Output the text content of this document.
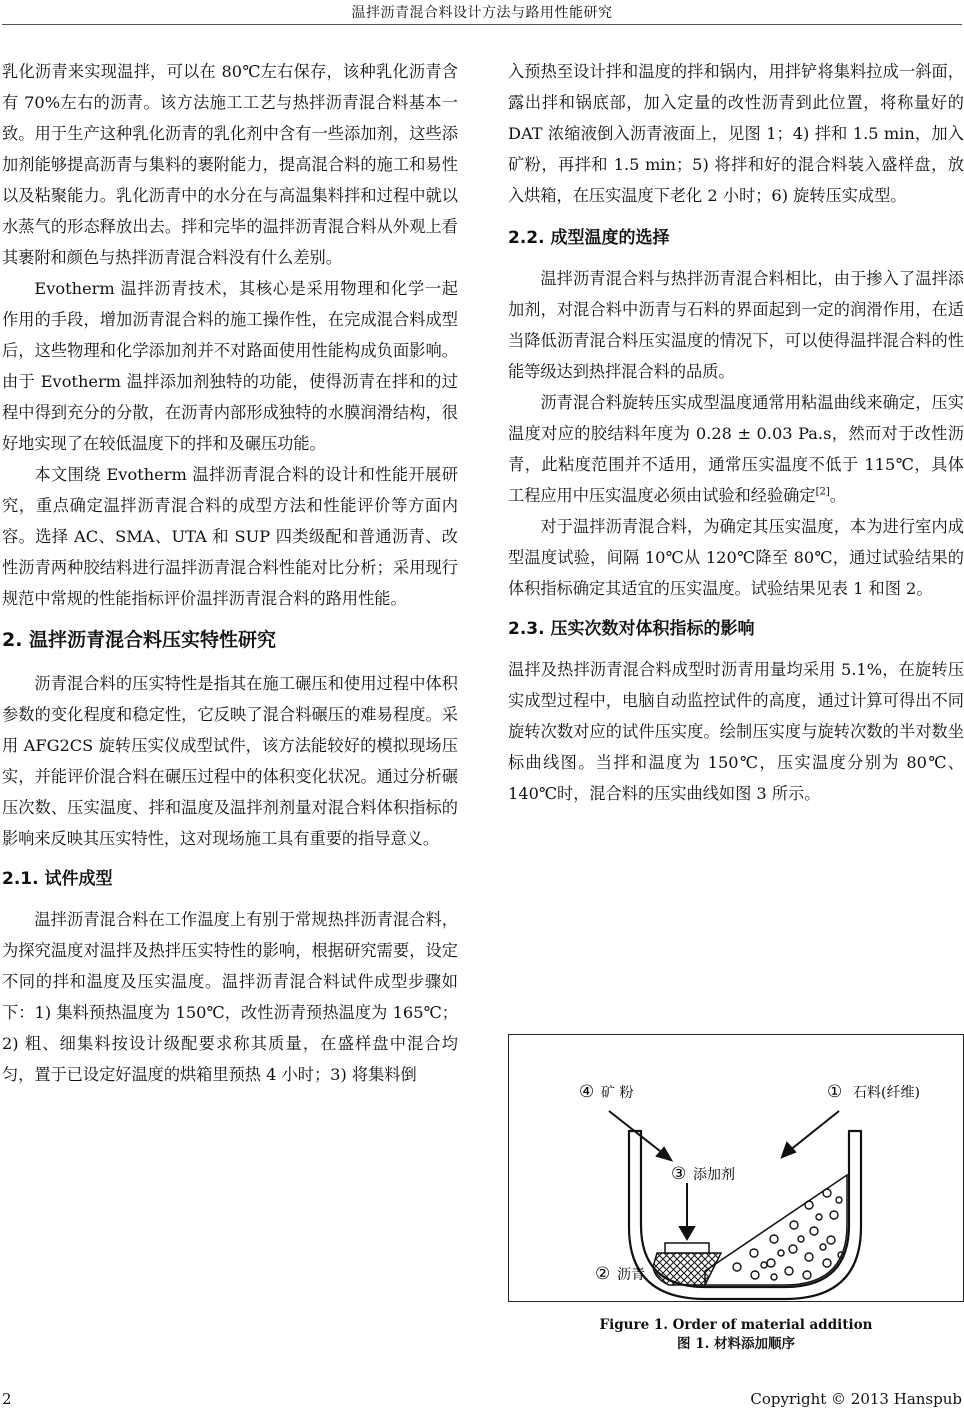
温拌沥青混合料设计方法与路用性能研究

乳化沥青来实现温拌，可以在 80℃左右保存，该种乳化沥青含有 70%左右的沥青。该方法施工工艺与热拌沥青混合料基本一致。用于生产这种乳化沥青的乳化剂中含有一些添加剂，这些添加剂能够提高沥青与集料的裹附能力，提高混合料的施工和易性以及粘聚能力。乳化沥青中的水分在与高温集料拌和过程中就以水蒸气的形态释放出去。拌和完毕的温拌沥青混合料从外观上看其裹附和颜色与热拌沥青混合料没有什么差别。

Evotherm 温拌沥青技术，其核心是采用物理和化学一起作用的手段，增加沥青混合料的施工操作性，在完成混合料成型后，这些物理和化学添加剂并不对路面使用性能构成负面影响。由于 Evotherm 温拌添加剂独特的功能，使得沥青在拌和的过程中得到充分的分散，在沥青内部形成独特的水膜润滑结构，很好地实现了在较低温度下的拌和及碾压功能。

本文围绕 Evotherm 温拌沥青混合料的设计和性能开展研究，重点确定温拌沥青混合料的成型方法和性能评价等方面内容。选择 AC、SMA、UTA 和 SUP 四类级配和普通沥青、改性沥青两种胶结料进行温拌沥青混合料性能对比分析；采用现行规范中常规的性能指标评价温拌沥青混合料的路用性能。

2. 温拌沥青混合料压实特性研究

沥青混合料的压实特性是指其在施工碾压和使用过程中体积参数的变化程度和稳定性，它反映了混合料碾压的难易程度。采用 AFG2CS 旋转压实仪成型试件，该方法能较好的模拟现场压实，并能评价混合料在碾压过程中的体积变化状况。通过分析碾压次数、压实温度、拌和温度及温拌剂剂量对混合料体积指标的影响来反映其压实特性，这对现场施工具有重要的指导意义。

2.1. 试件成型

温拌沥青混合料在工作温度上有别于常规热拌沥青混合料，为探究温度对温拌及热拌压实特性的影响，根据研究需要，设定不同的拌和温度及压实温度。温拌沥青混合料试件成型步骤如下：1) 集料预热温度为 150℃，改性沥青预热温度为 165℃；2) 粗、细集料按设计级配要求称其质量，在盛样盘中混合均匀，置于已设定好温度的烘箱里预热 4 小时；3) 将集料倒

入预热至设计拌和温度的拌和锅内，用拌铲将集料拉成一斜面，露出拌和锅底部，加入定量的改性沥青到此位置，将称量好的 DAT 浓缩液倒入沥青液面上，见图 1；4) 拌和 1.5 min，加入矿粉，再拌和 1.5 min；5) 将拌和好的混合料装入盛样盘，放入烘箱，在压实温度下老化 2 小时；6) 旋转压实成型。

2.2. 成型温度的选择

温拌沥青混合料与热拌沥青混合料相比，由于掺入了温拌添加剂，对混合料中沥青与石料的界面起到一定的润滑作用，在适当降低沥青混合料压实温度的情况下，可以使得温拌混合料的性能等级达到热拌混合料的品质。

沥青混合料旋转压实成型温度通常用粘温曲线来确定，压实温度对应的胶结料年度为 0.28 ± 0.03 Pa.s，然而对于改性沥青，此粘度范围并不适用，通常压实温度不低于 115℃，具体工程应用中压实温度必须由试验和经验确定[2]。

对于温拌沥青混合料，为确定其压实温度，本为进行室内成型温度试验，间隔 10℃从 120℃降至 80℃，通过试验结果的体积指标确定其适宜的压实温度。试验结果见表 1 和图 2。

2.3. 压实次数对体积指标的影响

温拌及热拌沥青混合料成型时沥青用量均采用 5.1%，在旋转压实成型过程中，电脑自动监控试件的高度，通过计算可得出不同旋转次数对应的试件压实度。绘制压实度与旋转次数的半对数坐标曲线图。当拌和温度为 150℃，压实温度分别为 80℃、140℃时，混合料的压实曲线如图 3 所示。

④ 矿 粉	① 石料(纤维)
③ 添加剂
② 沥青
Figure 1. Order of material addition
图 1. 材料添加顺序
2	Copyright © 2013 Hanspub
